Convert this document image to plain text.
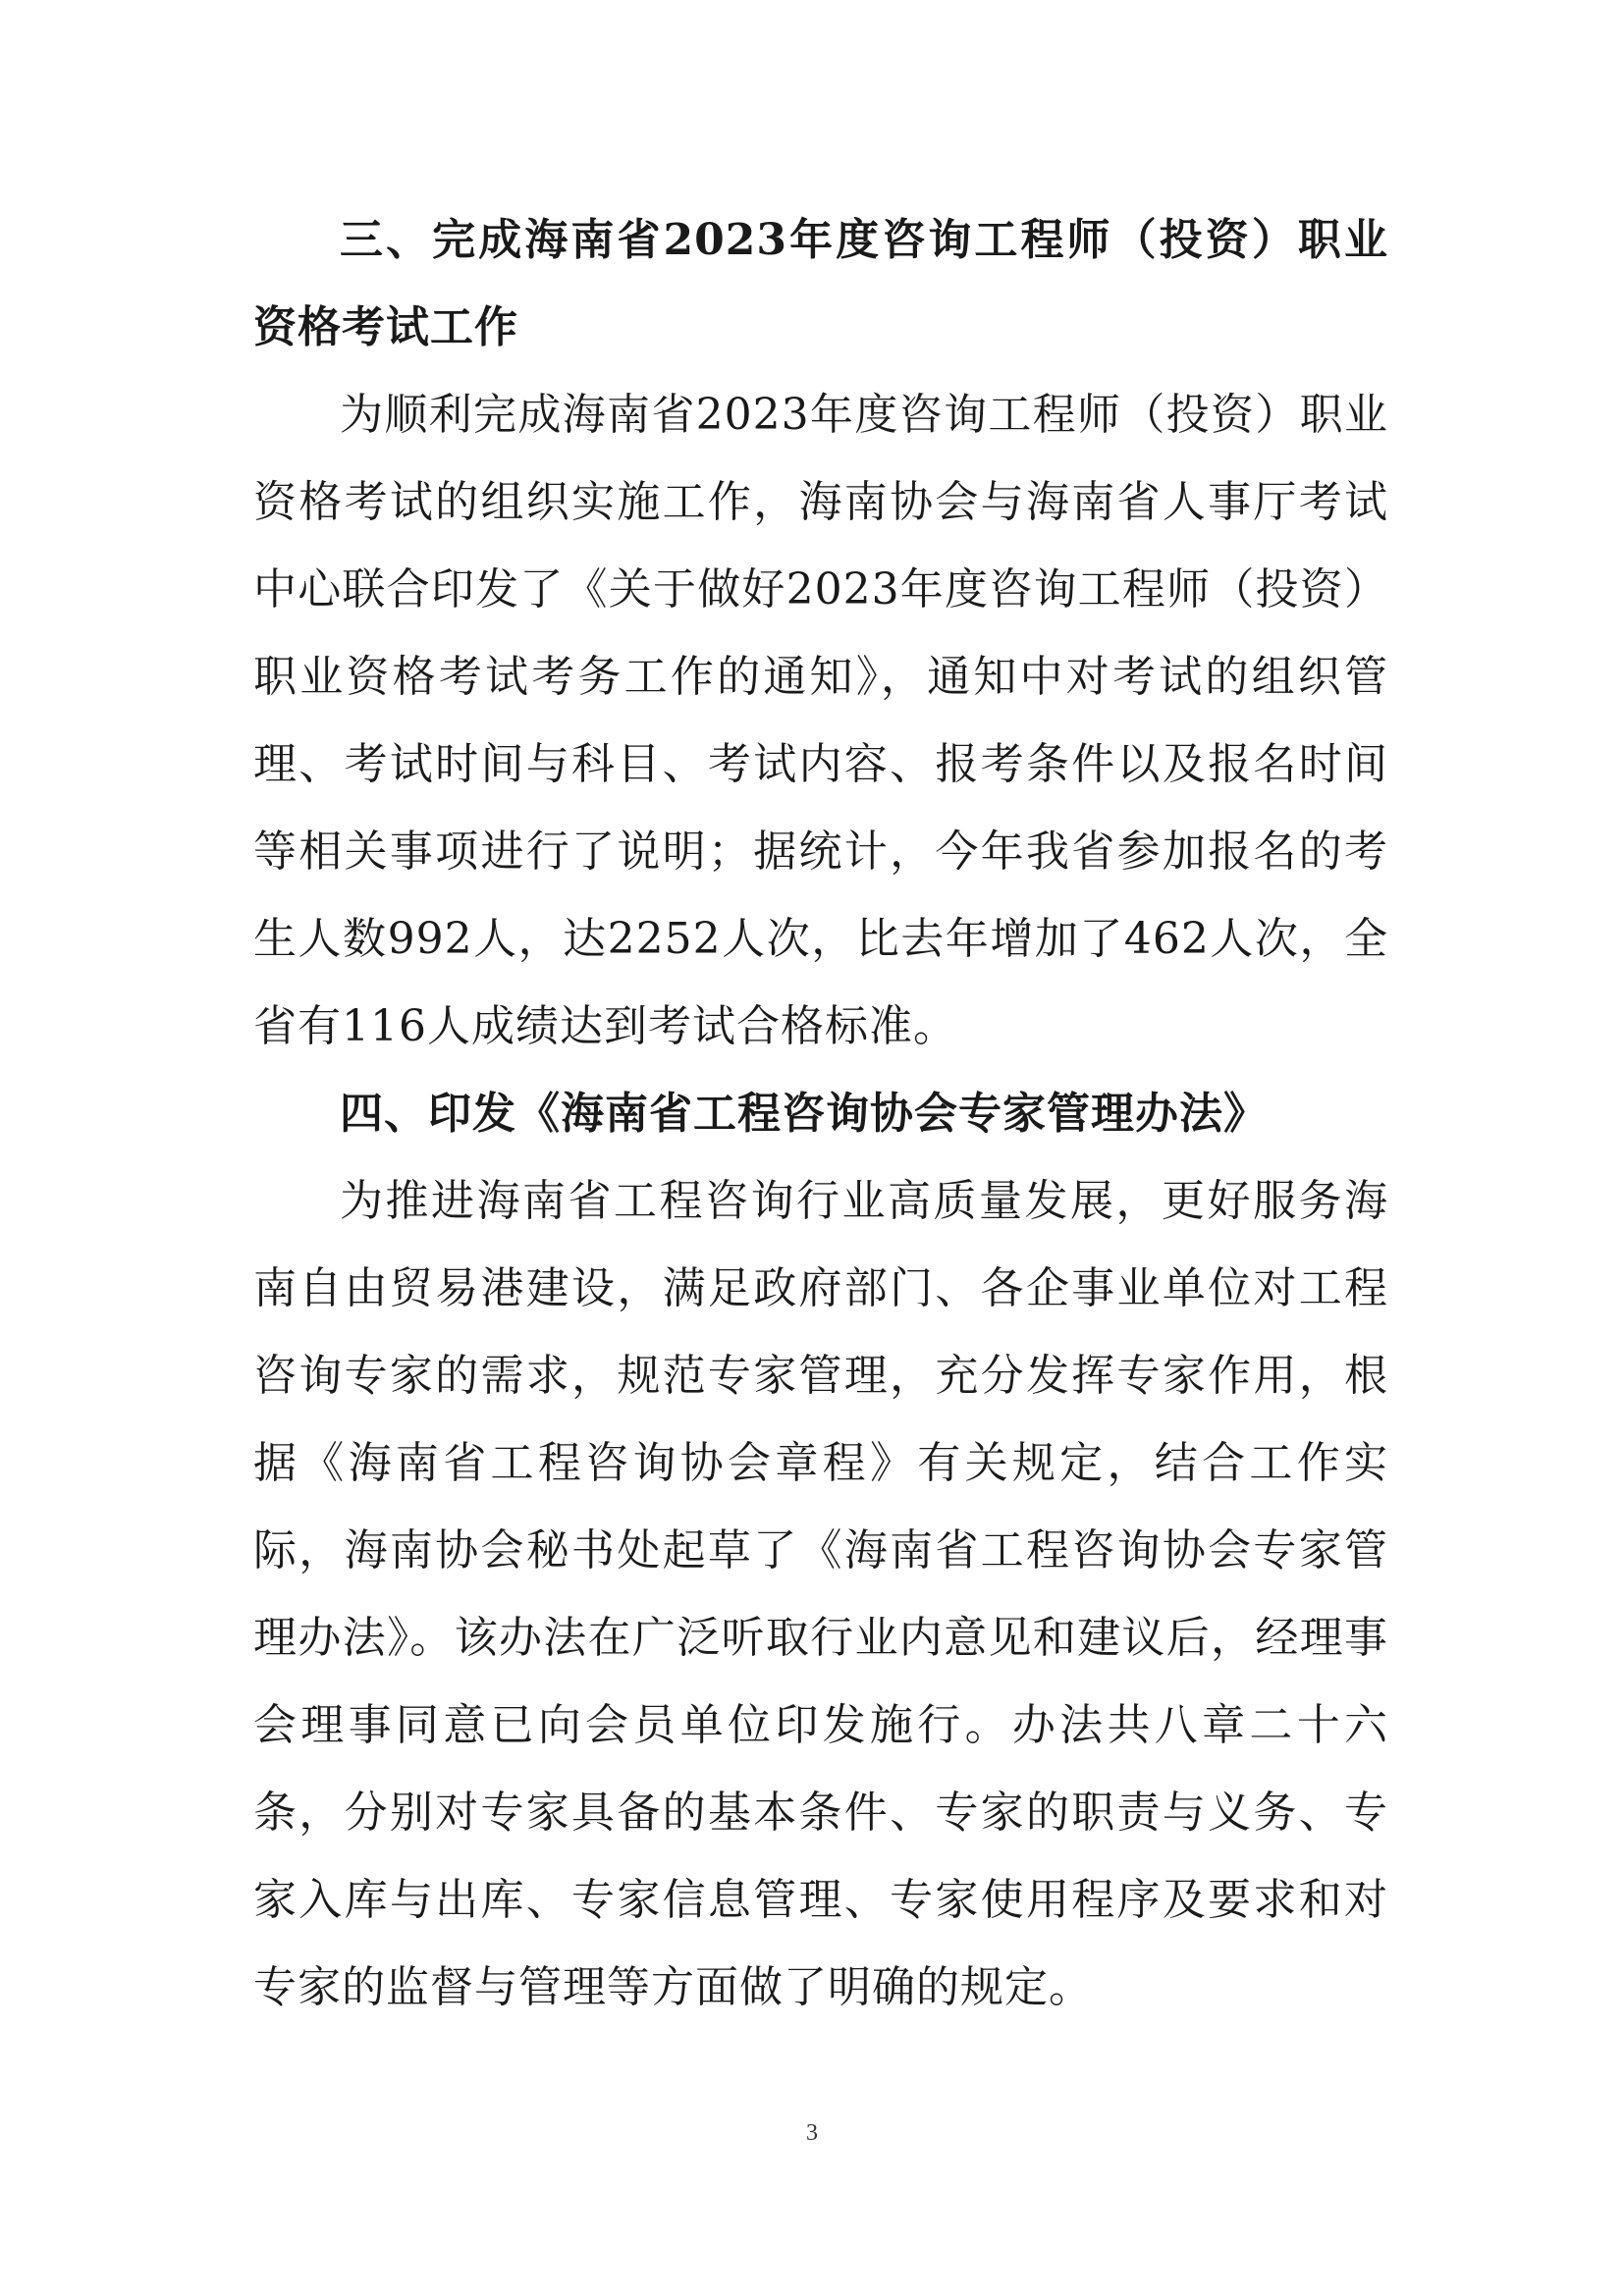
三、完成海南省2023年度咨询工程师（投资）职业资格考试工作

为顺利完成海南省2023年度咨询工程师（投资）职业资格考试的组织实施工作，海南协会与海南省人事厅考试中心联合印发了《关于做好2023年度咨询工程师（投资）职业资格考试考务工作的通知》，通知中对考试的组织管理、考试时间与科目、考试内容、报考条件以及报名时间等相关事项进行了说明；据统计，今年我省参加报名的考生人数992人，达2252人次，比去年增加了462人次，全省有116人成绩达到考试合格标准。

四、印发《海南省工程咨询协会专家管理办法》

为推进海南省工程咨询行业高质量发展，更好服务海南自由贸易港建设，满足政府部门、各企事业单位对工程咨询专家的需求，规范专家管理，充分发挥专家作用，根据《海南省工程咨询协会章程》有关规定，结合工作实际，海南协会秘书处起草了《海南省工程咨询协会专家管理办法》。该办法在广泛听取行业内意见和建议后，经理事会理事同意已向会员单位印发施行。办法共八章二十六条，分别对专家具备的基本条件、专家的职责与义务、专家入库与出库、专家信息管理、专家使用程序及要求和对专家的监督与管理等方面做了明确的规定。

3
